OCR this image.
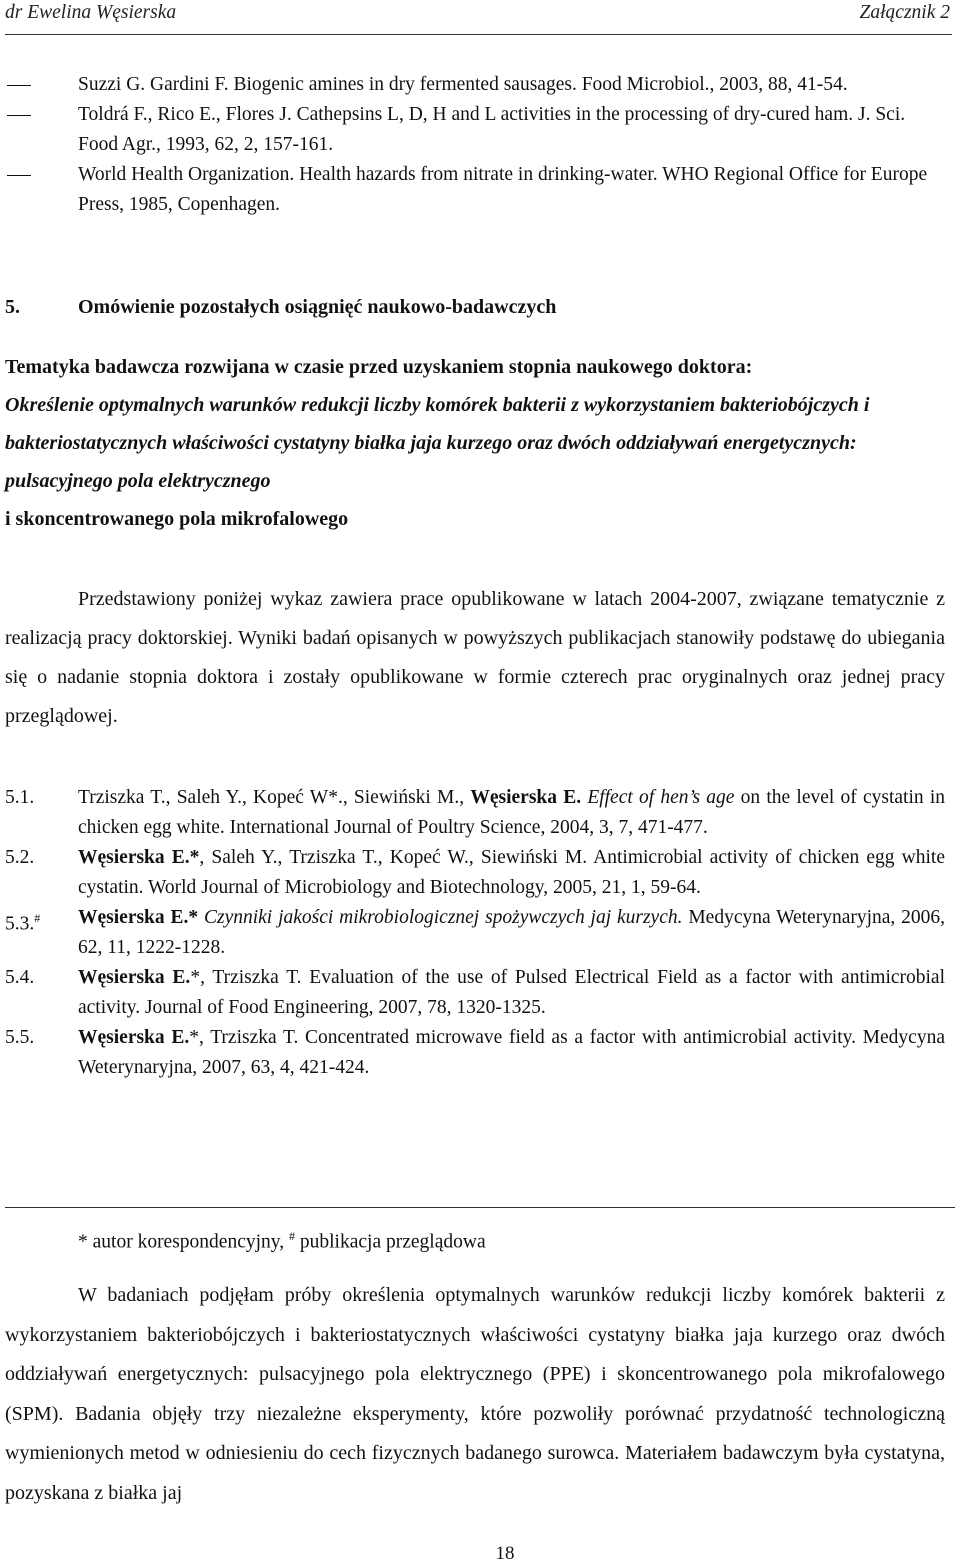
dr Ewelina Węsierska	Załącznik 2
Suzzi G. Gardini F. Biogenic amines in dry fermented sausages. Food Microbiol., 2003, 88, 41-54.
Toldrá F., Rico E., Flores J. Cathepsins L, D, H and L activities in the processing of dry-cured ham. J. Sci. Food Agr., 1993, 62, 2, 157-161.
World Health Organization. Health hazards from nitrate in drinking-water. WHO Regional Office for Europe Press, 1985, Copenhagen.
5.	Omówienie pozostałych osiągnięć naukowo-badawczych
Tematyka badawcza rozwijana w czasie przed uzyskaniem stopnia naukowego doktora:
Określenie optymalnych warunków redukcji liczby komórek bakterii z wykorzystaniem bakteriobójczych i bakteriostatycznych właściwości cystatyny białka jaja kurzego oraz dwóch oddziaływań energetycznych: pulsacyjnego pola elektrycznego
i skoncentrowanego pola mikrofalowego
Przedstawiony poniżej wykaz zawiera prace opublikowane w latach 2004-2007, związane tematycznie z realizacją pracy doktorskiej. Wyniki badań opisanych w powyższych publikacjach stanowiły podstawę do ubiegania się o nadanie stopnia doktora i zostały opublikowane w formie czterech prac oryginalnych oraz jednej pracy przeglądowej.
5.1.	Trziszka T., Saleh Y., Kopeć W*., Siewiński M., Węsierska E. Effect of hen’s age on the level of cystatin in chicken egg white. International Journal of Poultry Science, 2004, 3, 7, 471-477.
5.2.	Węsierska E.*, Saleh Y., Trziszka T., Kopeć W., Siewiński M. Antimicrobial activity of chicken egg white cystatin. World Journal of Microbiology and Biotechnology, 2005, 21, 1, 59-64.
5.3.#	Węsierska E.* Czynniki jakości mikrobiologicznej spożywczych jaj kurzych. Medycyna Weterynaryjna, 2006, 62, 11, 1222-1228.
5.4.	Węsierska E.*, Trziszka T. Evaluation of the use of Pulsed Electrical Field as a factor with antimicrobial activity. Journal of Food Engineering, 2007, 78, 1320-1325.
5.5.	Węsierska E.*, Trziszka T. Concentrated microwave field as a factor with antimicrobial activity. Medycyna Weterynaryjna, 2007, 63, 4, 421-424.
* autor korespondencyjny, # publikacja przeglądowa
W badaniach podjęłam próby określenia optymalnych warunków redukcji liczby komórek bakterii z wykorzystaniem bakteriobójczych i bakteriostatycznych właściwości cystatyny białka jaja kurzego oraz dwóch oddziaływań energetycznych: pulsacyjnego pola elektrycznego (PPE) i skoncentrowanego pola mikrofalowego (SPM). Badania objęły trzy niezależne eksperymenty, które pozwoliły porównać przydatność technologiczną wymienionych metod w odniesieniu do cech fizycznych badanego surowca. Materiałem badawczym była cystatyna, pozyskana z białka jaj
18
